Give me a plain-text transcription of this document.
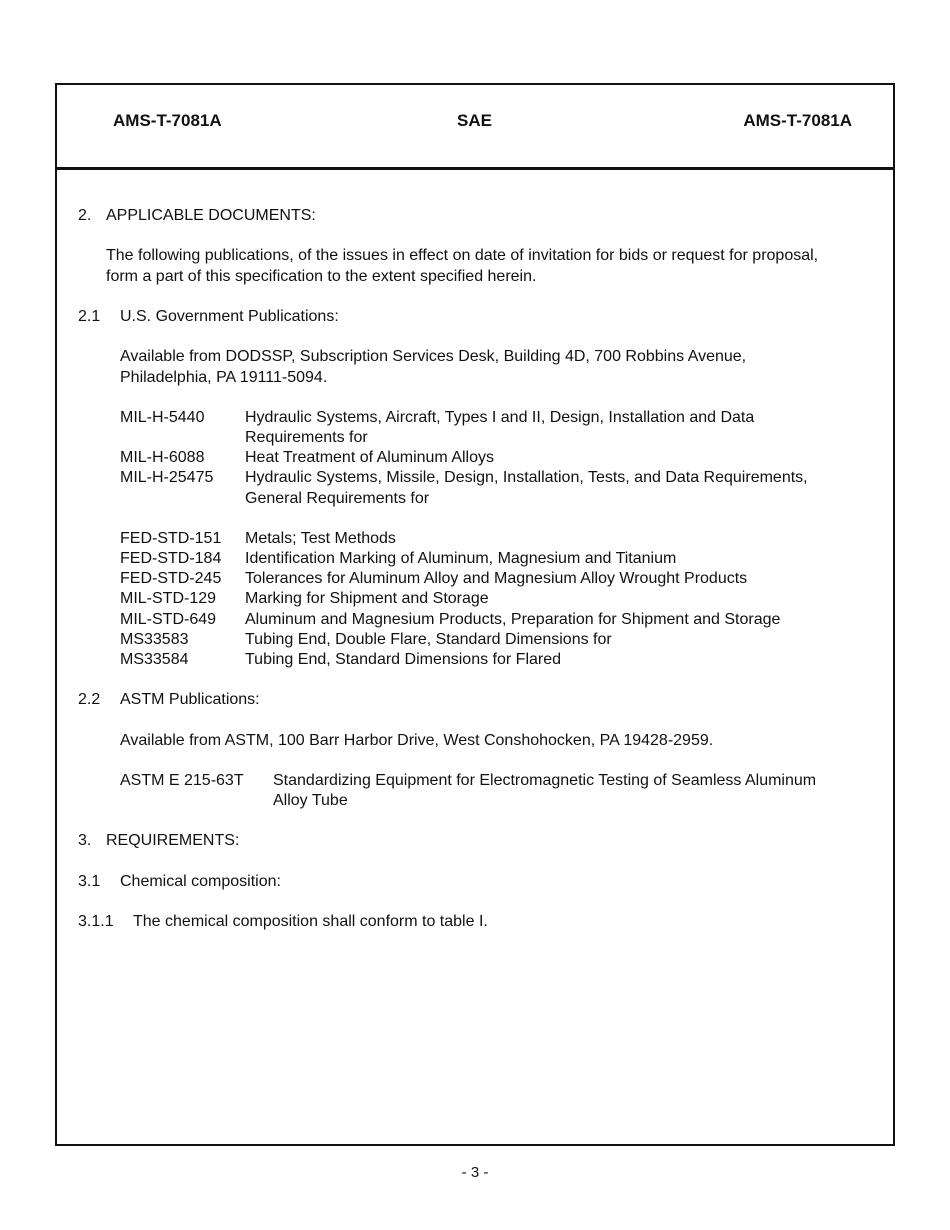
AMS-T-7081A	SAE	AMS-T-7081A
2. APPLICABLE DOCUMENTS:
The following publications, of the issues in effect on date of invitation for bids or request for proposal,
form a part of this specification to the extent specified herein.
2.1 U.S. Government Publications:
Available from DODSSP, Subscription Services Desk, Building 4D, 700 Robbins Avenue,
Philadelphia, PA 19111-5094.
MIL-H-5440	Hydraulic Systems, Aircraft, Types I and II, Design, Installation and Data
Requirements for
MIL-H-6088	Heat Treatment of Aluminum Alloys
MIL-H-25475 Hydraulic Systems, Missile, Design, Installation, Tests, and Data Requirements,
General Requirements for
FED-STD-151 Metals; Test Methods
FED-STD-184 Identification Marking of Aluminum, Magnesium and Titanium
FED-STD-245 Tolerances for Aluminum Alloy and Magnesium Alloy Wrought Products
MIL-STD-129 Marking for Shipment and Storage
MIL-STD-649 Aluminum and Magnesium Products, Preparation for Shipment and Storage
MS33583	Tubing End, Double Flare, Standard Dimensions for
MS33584	Tubing End, Standard Dimensions for Flared
2.2 ASTM Publications:
Available from ASTM, 100 Barr Harbor Drive, West Conshohocken, PA 19428-2959.
ASTM E 215-63T Standardizing Equipment for Electromagnetic Testing of Seamless Aluminum
Alloy Tube
3. REQUIREMENTS:
3.1 Chemical composition:
3.1.1 The chemical composition shall conform to table I.
- 3 -
